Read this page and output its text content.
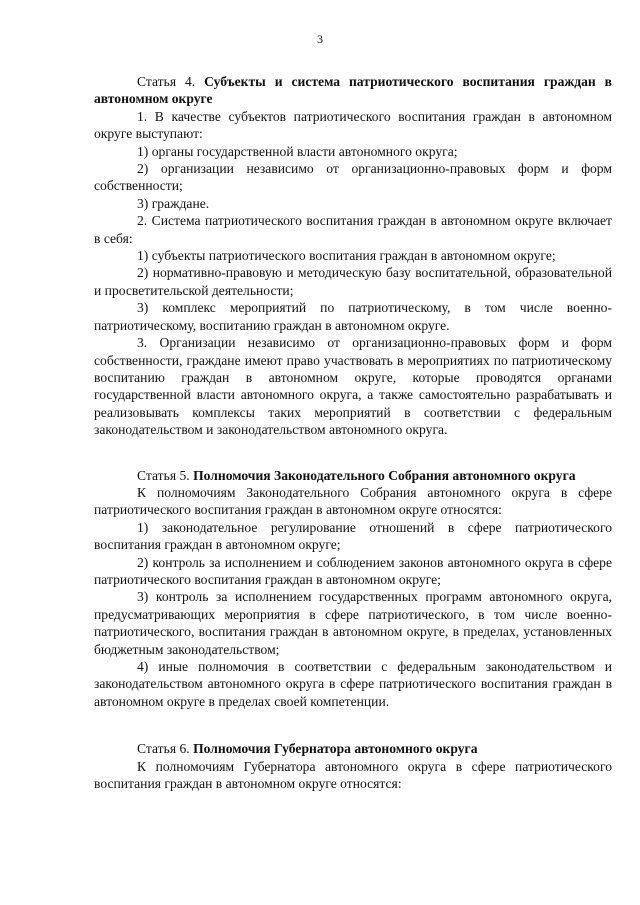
3

Статья 4. Субъекты и система патриотического воспитания граждан в автономном округе

1. В качестве субъектов патриотического воспитания граждан в автономном округе выступают:

1) органы государственной власти автономного округа;

2) организации независимо от организационно-правовых форм и форм собственности;

3) граждане.

2. Система патриотического воспитания граждан в автономном округе включает в себя:

1) субъекты патриотического воспитания граждан в автономном округе;

2) нормативно-правовую и методическую базу воспитательной, образовательной и просветительской деятельности;

3) комплекс мероприятий по патриотическому, в том числе военно-патриотическому, воспитанию граждан в автономном округе.

3. Организации независимо от организационно-правовых форм и форм собственности, граждане имеют право участвовать в мероприятиях по патриотическому воспитанию граждан в автономном округе, которые проводятся органами государственной власти автономного округа, а также самостоятельно разрабатывать и реализовывать комплексы таких мероприятий в соответствии с федеральным законодательством и законодательством автономного округа.

Статья 5. Полномочия Законодательного Собрания автономного округа

К полномочиям Законодательного Собрания автономного округа в сфере патриотического воспитания граждан в автономном округе относятся:

1) законодательное регулирование отношений в сфере патриотического воспитания граждан в автономном округе;

2) контроль за исполнением и соблюдением законов автономного округа в сфере патриотического воспитания граждан в автономном округе;

3) контроль за исполнением государственных программ автономного округа, предусматривающих мероприятия в сфере патриотического, в том числе военно-патриотического, воспитания граждан в автономном округе, в пределах, установленных бюджетным законодательством;

4) иные полномочия в соответствии с федеральным законодательством и законодательством автономного округа в сфере патриотического воспитания граждан в автономном округе в пределах своей компетенции.

Статья 6. Полномочия Губернатора автономного округа

К полномочиям Губернатора автономного округа в сфере патриотического воспитания граждан в автономном округе относятся:
